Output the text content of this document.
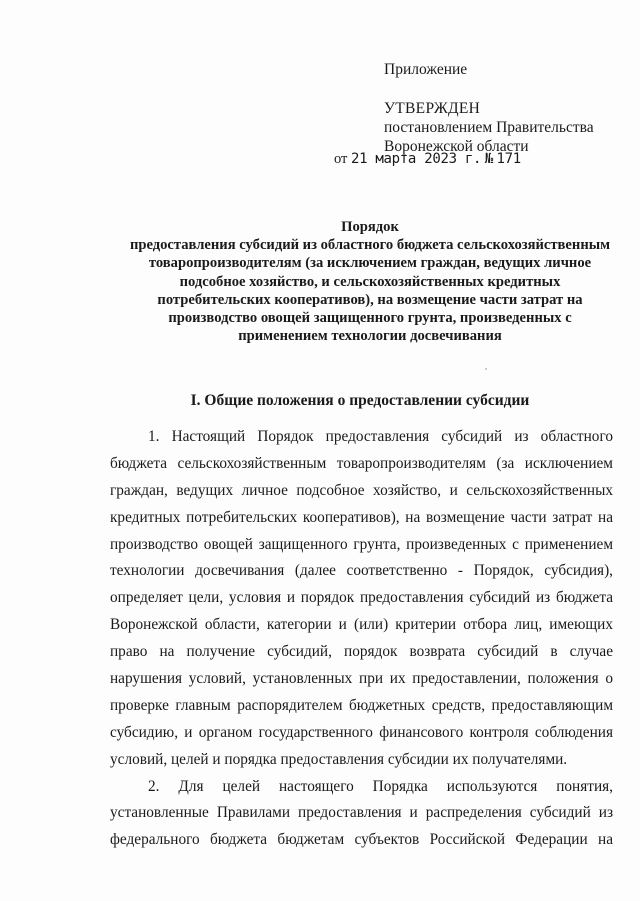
Приложение
УТВЕРЖДЕН
постановлением Правительства
Воронежской области
от 21 марта 2023 г. № 171
Порядок
предоставления субсидий из областного бюджета сельскохозяйственным
товаропроизводителям (за исключением граждан, ведущих личное
подсобное хозяйство, и сельскохозяйственных кредитных
потребительских кооперативов), на возмещение части затрат на
производство овощей защищенного грунта, произведенных с
применением технологии досвечивания
I. Общие положения о предоставлении субсидии
1. Настоящий Порядок предоставления субсидий из областного
бюджета сельскохозяйственным товаропроизводителям (за исключением
граждан, ведущих личное подсобное хозяйство, и сельскохозяйственных
кредитных потребительских кооперативов), на возмещение части затрат на
производство овощей защищенного грунта, произведенных с применением
технологии досвечивания (далее соответственно - Порядок, субсидия),
определяет цели, условия и порядок предоставления субсидий из бюджета
Воронежской области, категории и (или) критерии отбора лиц, имеющих
право на получение субсидий, порядок возврата субсидий в случае
нарушения условий, установленных при их предоставлении, положения о
проверке главным распорядителем бюджетных средств, предоставляющим
субсидию, и органом государственного финансового контроля соблюдения
условий, целей и порядка предоставления субсидии их получателями.
2. Для целей настоящего Порядка используются понятия,
установленные Правилами предоставления и распределения субсидий из
федерального бюджета бюджетам субъектов Российской Федерации на
